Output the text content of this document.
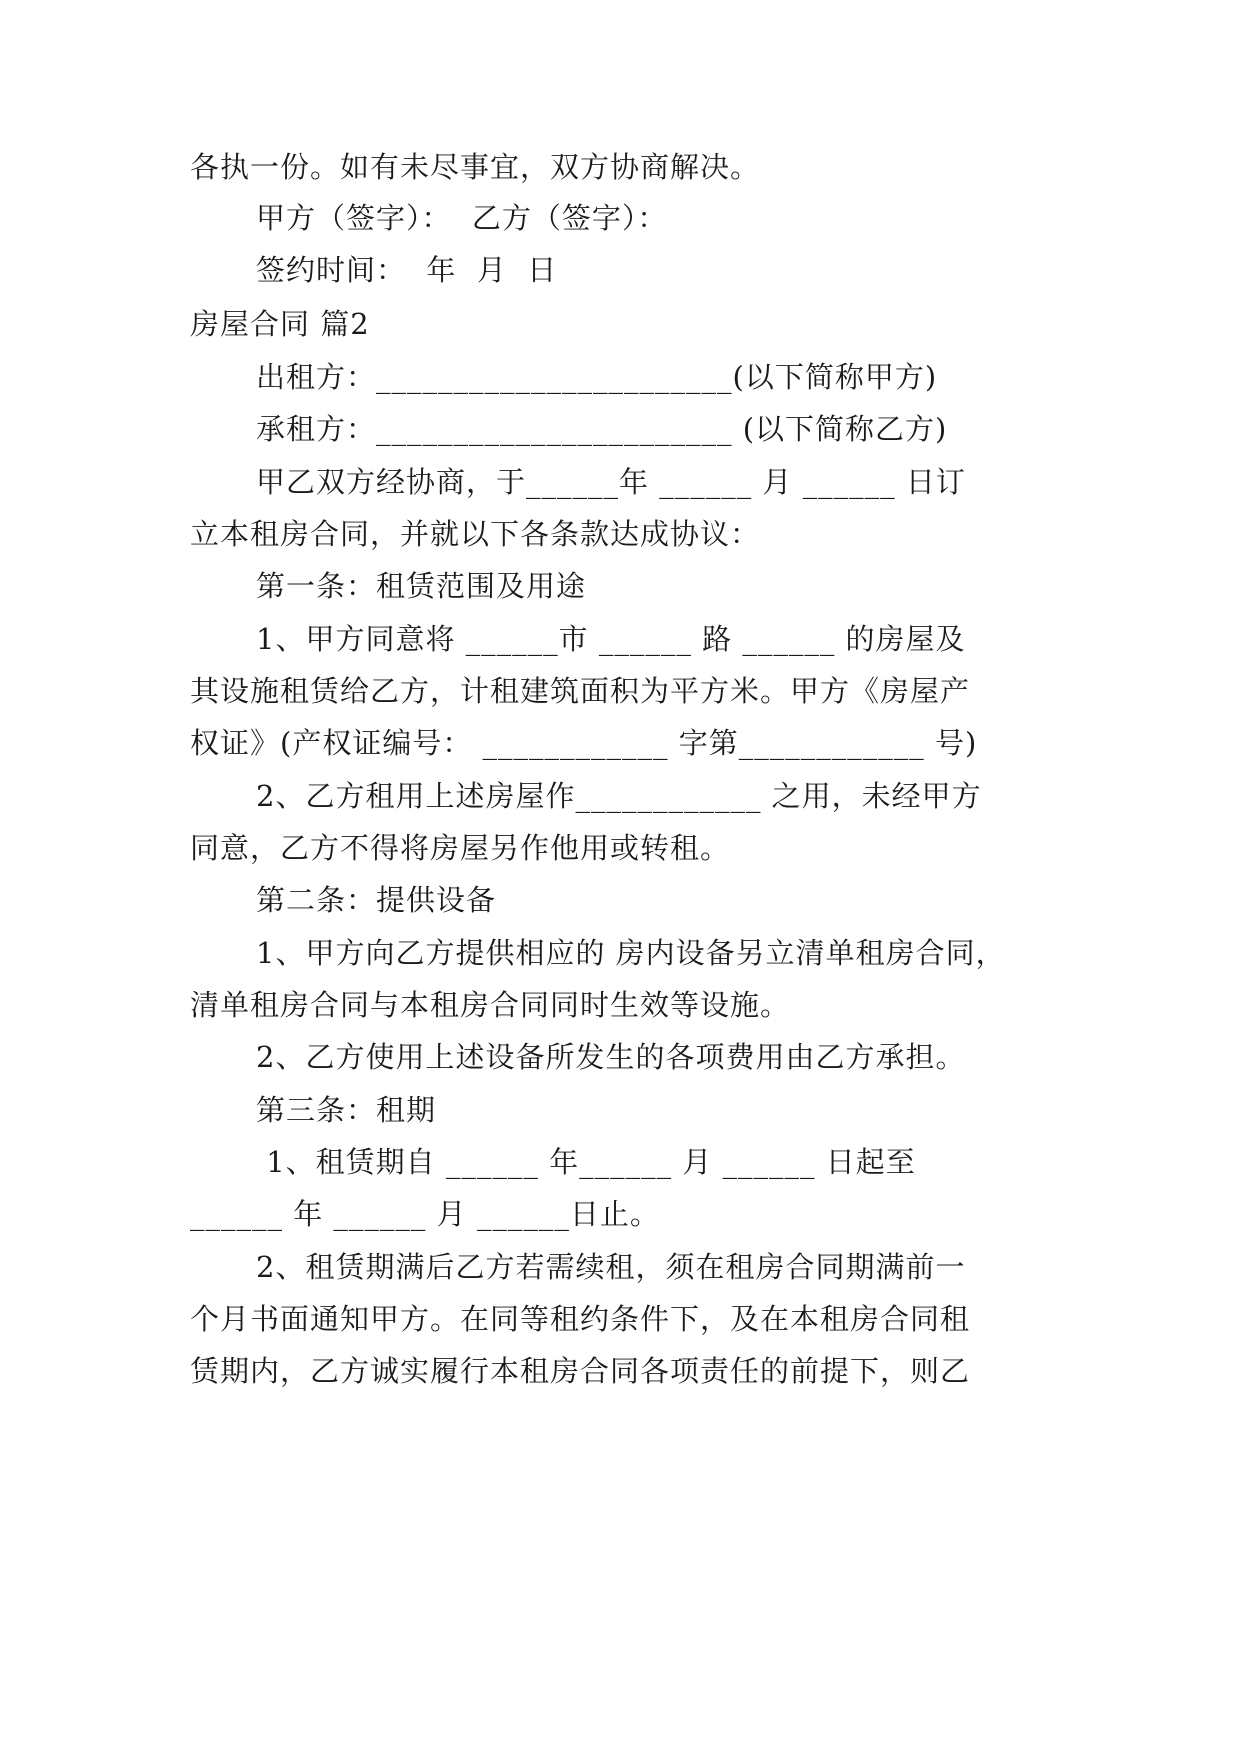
各执一份。如有未尽事宜，双方协商解决。
甲方（签字）：  乙方（签字）：
签约时间：  年  月  日
房屋合同 篇2
出租方：_______________________(以下简称甲方)
承租方：_______________________ (以下简称乙方)
甲乙双方经协商，于______年 ______ 月 ______ 日订
立本租房合同，并就以下各条款达成协议：
第一条：租赁范围及用途
1、甲方同意将 ______市 ______ 路 ______ 的房屋及
其设施租赁给乙方，计租建筑面积为平方米。甲方《房屋产
权证》(产权证编号： ____________ 字第____________ 号)
2、乙方租用上述房屋作____________ 之用，未经甲方
同意，乙方不得将房屋另作他用或转租。
第二条：提供设备
1、甲方向乙方提供相应的 房内设备另立清单租房合同，
清单租房合同与本租房合同同时生效等设施。
2、乙方使用上述设备所发生的各项费用由乙方承担。
第三条：租期
1、租赁期自 ______ 年______ 月 ______ 日起至
______ 年 ______ 月 ______日止。
2、租赁期满后乙方若需续租，须在租房合同期满前一
个月书面通知甲方。在同等租约条件下，及在本租房合同租
赁期内，乙方诚实履行本租房合同各项责任的前提下，则乙
